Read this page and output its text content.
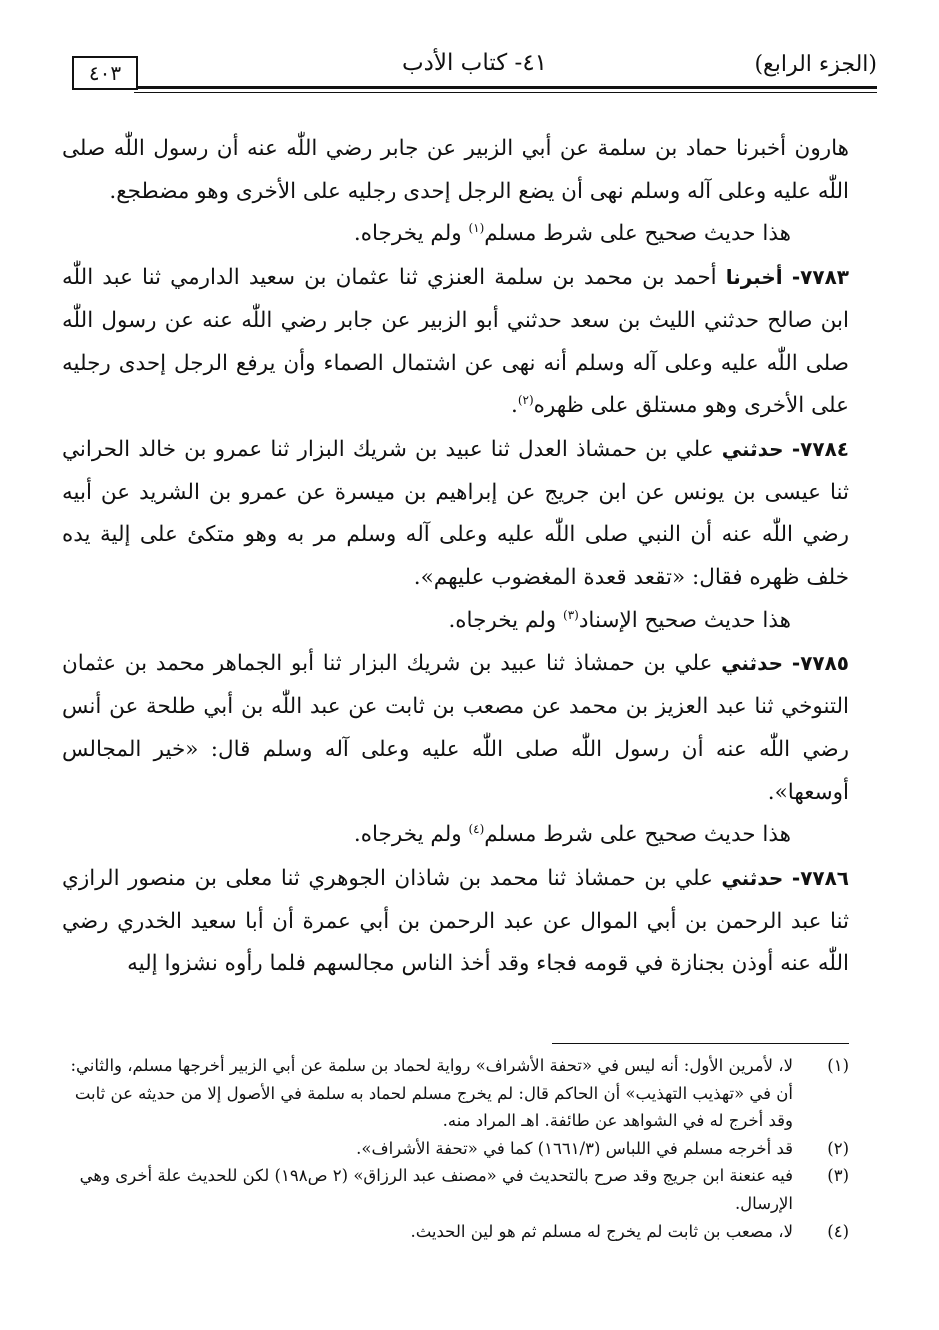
(الجزء الرابع)
٤١- كتاب الأدب
٤٠٣

هارون أخبرنا حماد بن سلمة عن أبي الزبير عن جابر رضي اللّٰه عنه أن رسول اللّٰه صلى اللّٰه عليه وعلى آله وسلم نهى أن يضع الرجل إحدى رجليه على الأخرى وهو مضطجع.

هذا حديث صحيح على شرط مسلم$^{(١)}$ ولم يخرجاه.

٧٧٨٣- أخبرنا أحمد بن محمد بن سلمة العنزي ثنا عثمان بن سعيد الدارمي ثنا عبد اللّٰه ابن صالح حدثني الليث بن سعد حدثني أبو الزبير عن جابر رضي اللّٰه عنه عن رسول اللّٰه صلى اللّٰه عليه وعلى آله وسلم أنه نهى عن اشتمال الصماء وأن يرفع الرجل إحدى رجليه على الأخرى وهو مستلق على ظهره$^{(٢)}$.

٧٧٨٤- حدثني علي بن حمشاذ العدل ثنا عبيد بن شريك البزار ثنا عمرو بن خالد الحراني ثنا عيسى بن يونس عن ابن جريج عن إبراهيم بن ميسرة عن عمرو بن الشريد عن أبيه رضي اللّٰه عنه أن النبي صلى اللّٰه عليه وعلى آله وسلم مر به وهو متكئ على إلية يده خلف ظهره فقال: «تقعد قعدة المغضوب عليهم».

هذا حديث صحيح الإسناد$^{(٣)}$ ولم يخرجاه.

٧٧٨٥- حدثني علي بن حمشاذ ثنا عبيد بن شريك البزار ثنا أبو الجماهر محمد بن عثمان التنوخي ثنا عبد العزيز بن محمد عن مصعب بن ثابت عن عبد اللّٰه بن أبي طلحة عن أنس رضي اللّٰه عنه أن رسول اللّٰه صلى اللّٰه عليه وعلى آله وسلم قال: «خير المجالس أوسعها».

هذا حديث صحيح على شرط مسلم$^{(٤)}$ ولم يخرجاه.

٧٧٨٦- حدثني علي بن حمشاذ ثنا محمد بن شاذان الجوهري ثنا معلى بن منصور الرازي ثنا عبد الرحمن بن أبي الموال عن عبد الرحمن بن أبي عمرة أن أبا سعيد الخدري رضي اللّٰه عنه أوذن بجنازة في قومه فجاء وقد أخذ الناس مجالسهم فلما رأوه نشزوا إليه

(١)
لا، لأمرين الأول: أنه ليس في «تحفة الأشراف» رواية لحماد بن سلمة عن أبي الزبير أخرجها مسلم، والثاني: أن في «تهذيب التهذيب» أن الحاكم قال: لم يخرج مسلم لحماد به سلمة في الأصول إلا من حديثه عن ثابت وقد أخرج له في الشواهد عن طائفة. اهـ المراد منه.

(٢)
قد أخرجه مسلم في اللباس (١٦٦١/٣) كما في «تحفة الأشراف».

(٣)
فيه عنعنة ابن جريج وقد صرح بالتحديث في «مصنف عبد الرزاق» (٢ ص١٩٨) لكن للحديث علة أخرى وهي الإرسال.

(٤)
لا، مصعب بن ثابت لم يخرج له مسلم ثم هو لين الحديث.
